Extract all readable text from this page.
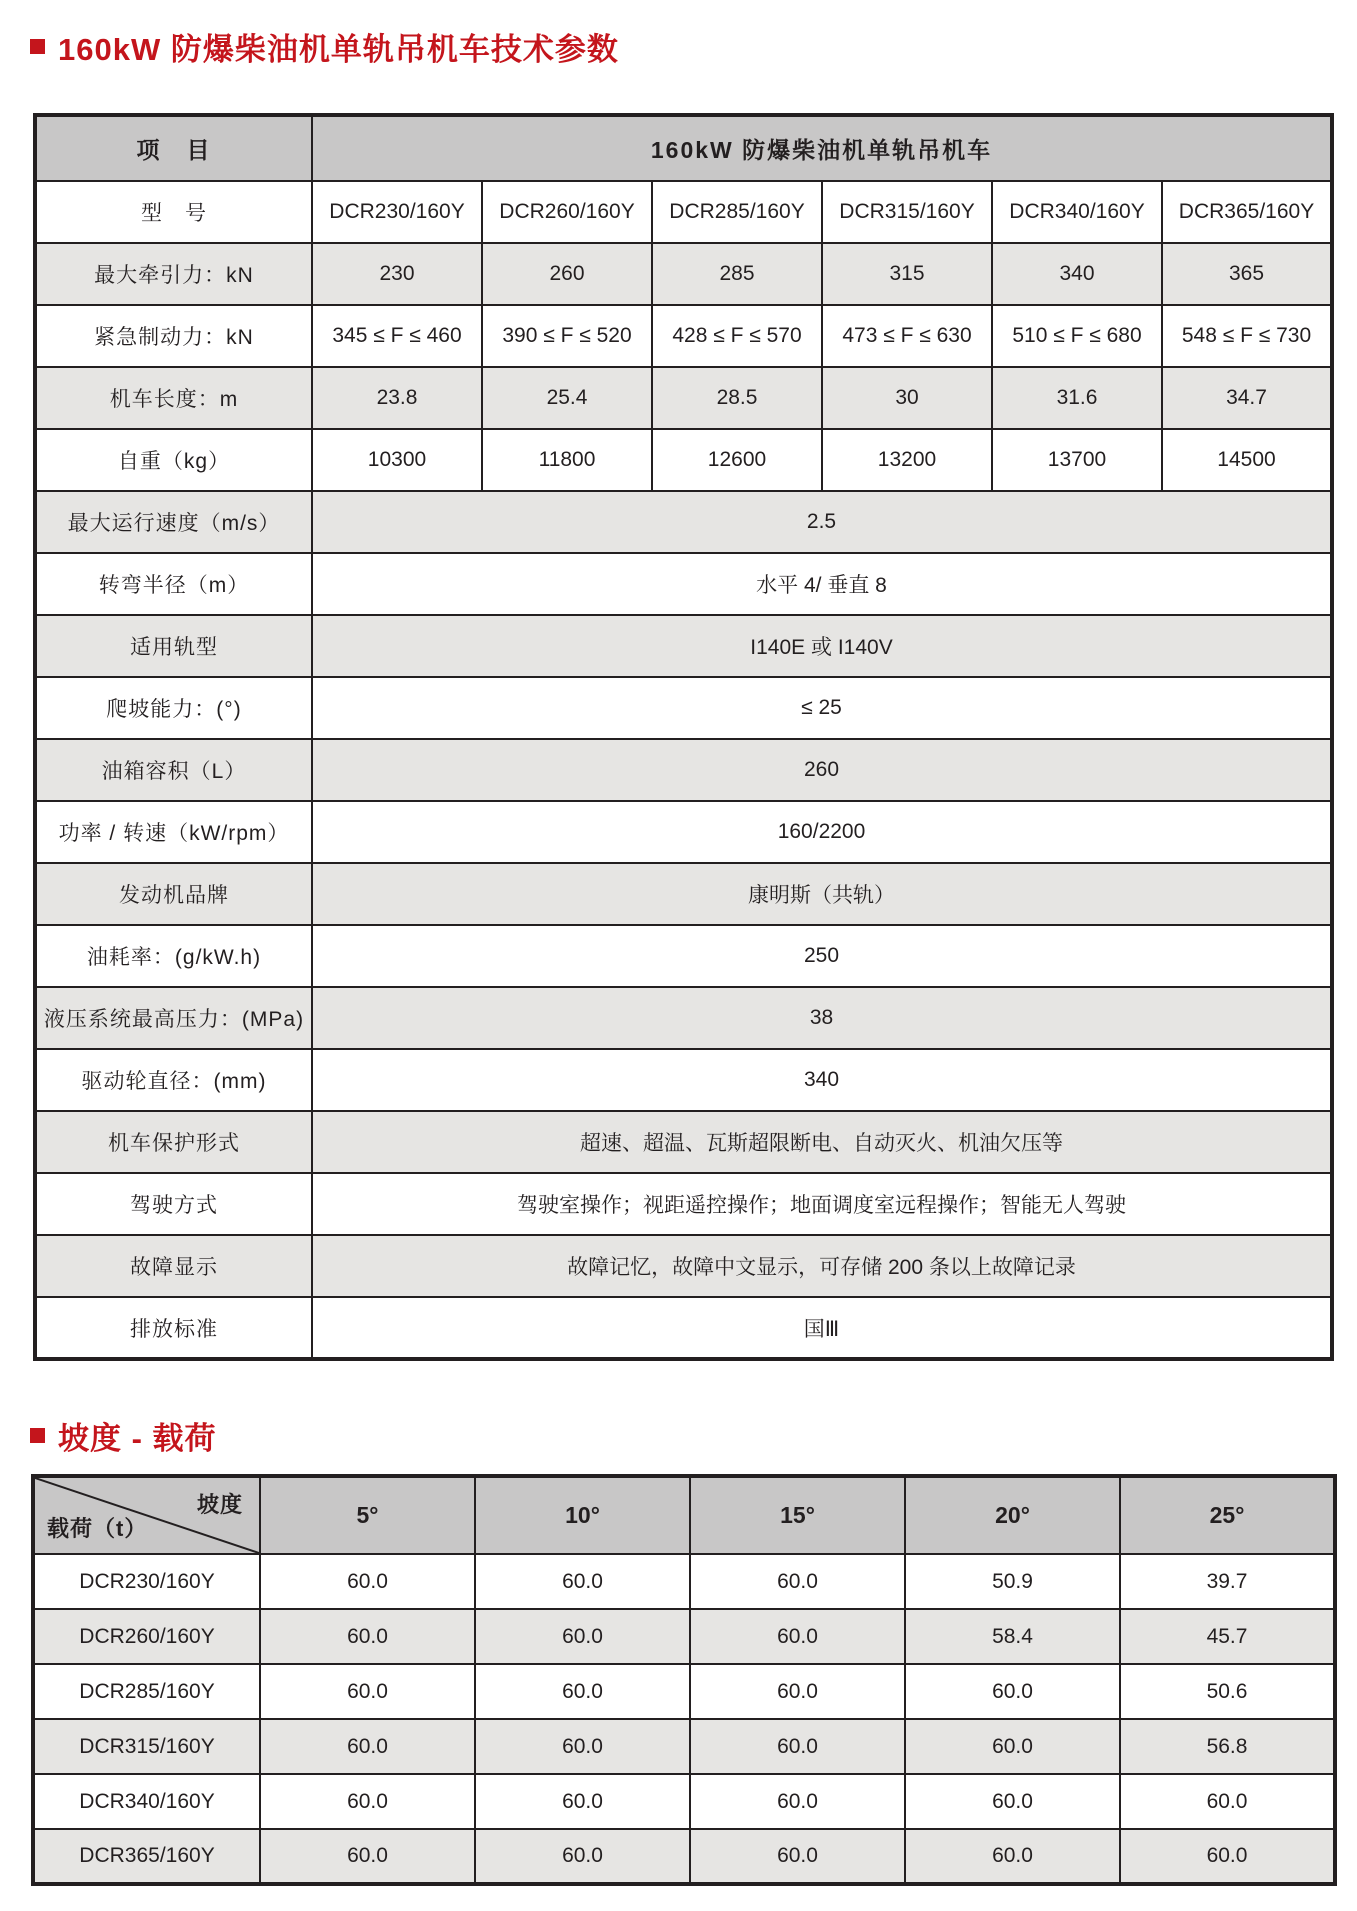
160kW 防爆柴油机单轨吊机车技术参数
项　目	160kW 防爆柴油机单轨吊机车					
型　号	DCR230/160Y	DCR260/160Y	DCR285/160Y	DCR315/160Y	DCR340/160Y	DCR365/160Y
最大牵引力：kN	230	260	285	315	340	365
紧急制动力：kN	345 ≤ F ≤ 460	390 ≤ F ≤ 520	428 ≤ F ≤ 570	473 ≤ F ≤ 630	510 ≤ F ≤ 680	548 ≤ F ≤ 730
机车长度：m	23.8	25.4	28.5	30	31.6	34.7
自重（kg）	10300	11800	12600	13200	13700	14500
最大运行速度（m/s）	2.5					
转弯半径（m）	水平 4/ 垂直 8					
适用轨型	I140E 或 I140V					
爬坡能力：(°)	≤ 25					
油箱容积（L）	260					
功率 / 转速（kW/rpm）	160/2200					
发动机品牌	康明斯（共轨）					
油耗率：(g/kW.h)	250					
液压系统最高压力：(MPa)	38					
驱动轮直径：(mm)	340					
机车保护形式	超速、超温、瓦斯超限断电、自动灭火、机油欠压等					
驾驶方式	驾驶室操作；视距遥控操作；地面调度室远程操作；智能无人驾驶					
故障显示	故障记忆，故障中文显示，可存储 200 条以上故障记录					
排放标准	国Ⅲ					
坡度 - 载荷
坡度
载荷（t）	5°	10°	15°	20°	25°
DCR230/160Y	60.0	60.0	60.0	50.9	39.7
DCR260/160Y	60.0	60.0	60.0	58.4	45.7
DCR285/160Y	60.0	60.0	60.0	60.0	50.6
DCR315/160Y	60.0	60.0	60.0	60.0	56.8
DCR340/160Y	60.0	60.0	60.0	60.0	60.0
DCR365/160Y	60.0	60.0	60.0	60.0	60.0
